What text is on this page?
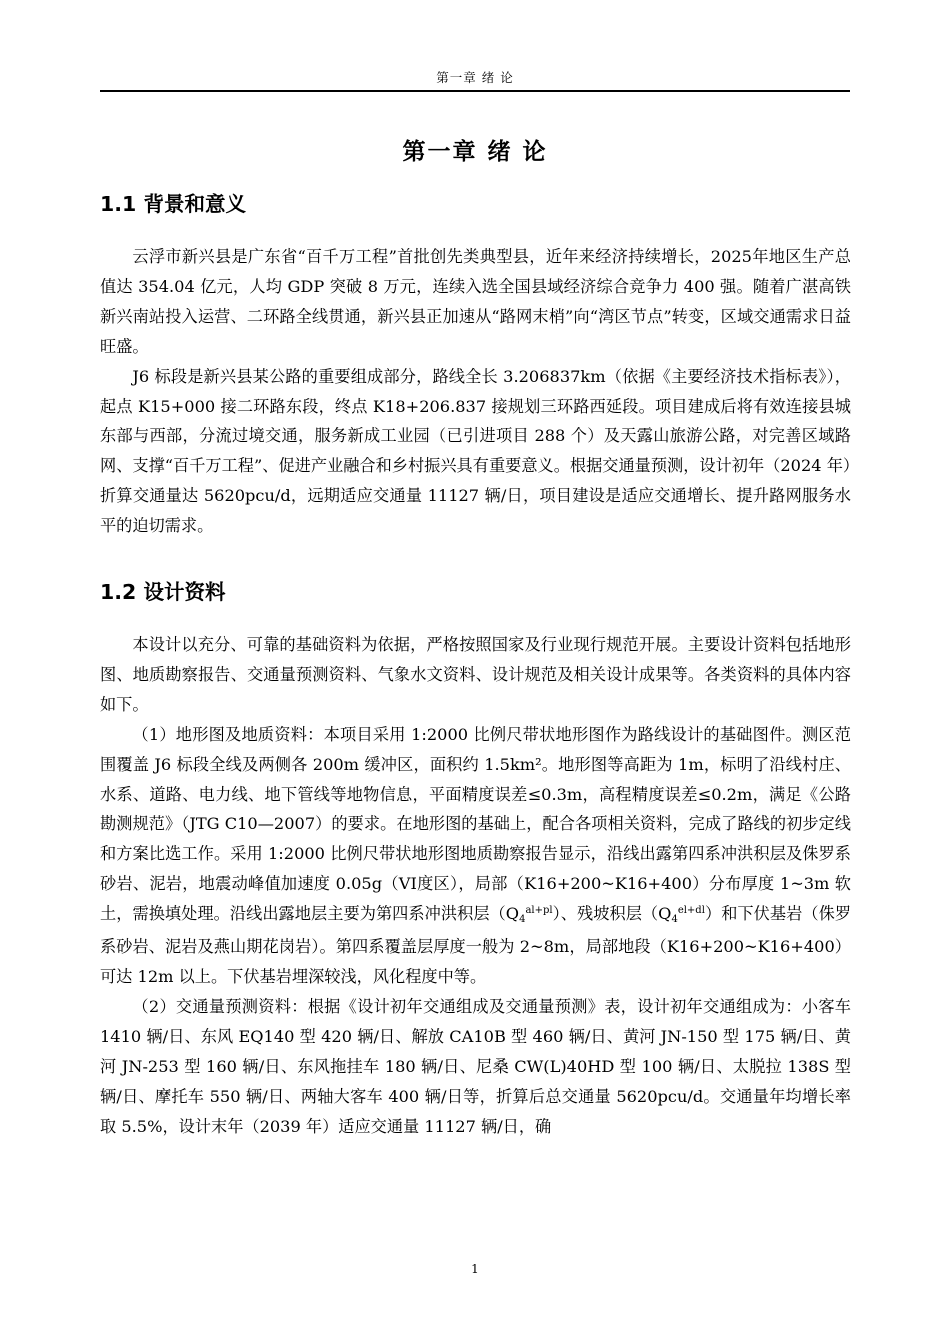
第一章 绪 论
第一章 绪 论
1.1 背景和意义

云浮市新兴县是广东省“百千万工程”首批创先类典型县，近年来经济持续增长，2025年地区生产总值达 354.04 亿元，人均 GDP 突破 8 万元，连续入选全国县域经济综合竞争力 400 强。随着广湛高铁新兴南站投入运营、二环路全线贯通，新兴县正加速从“路网末梢”向“湾区节点”转变，区域交通需求日益旺盛。

J6 标段是新兴县某公路的重要组成部分，路线全长 3.206837km（依据《主要经济技术指标表》），起点 K15+000 接二环路东段，终点 K18+206.837 接规划三环路西延段。项目建成后将有效连接县城东部与西部，分流过境交通，服务新成工业园（已引进项目 288 个）及天露山旅游公路，对完善区域路网、支撑“百千万工程”、促进产业融合和乡村振兴具有重要意义。根据交通量预测，设计初年（2024 年）折算交通量达 5620pcu/d，远期适应交通量 11127 辆/日，项目建设是适应交通增长、提升路网服务水平的迫切需求。

1.2 设计资料

本设计以充分、可靠的基础资料为依据，严格按照国家及行业现行规范开展。主要设计资料包括地形图、地质勘察报告、交通量预测资料、气象水文资料、设计规范及相关设计成果等。各类资料的具体内容如下。

（1）地形图及地质资料：本项目采用 1:2000 比例尺带状地形图作为路线设计的基础图件。测区范围覆盖 J6 标段全线及两侧各 200m 缓冲区，面积约 1.5km²。地形图等高距为 1m，标明了沿线村庄、水系、道路、电力线、地下管线等地物信息，平面精度误差≤0.3m，高程精度误差≤0.2m，满足《公路勘测规范》（JTG C10—2007）的要求。在地形图的基础上，配合各项相关资料，完成了路线的初步定线和方案比选工作。采用 1:2000 比例尺带状地形图地质勘察报告显示，沿线出露第四系冲洪积层及侏罗系砂岩、泥岩，地震动峰值加速度 0.05g（VI度区），局部（K16+200~K16+400）分布厚度 1~3m 软土，需换填处理。沿线出露地层主要为第四系冲洪积层$(Q4^{al+pl})$、残坡积层$(Q4^{el+dl})$和下伏基岩（侏罗系砂岩、泥岩及燕山期花岗岩）。第四系覆盖层厚度一般为 2~8m，局部地段（K16+200~K16+400）可达 12m 以上。下伏基岩埋深较浅，风化程度中等。

（2）交通量预测资料：根据《设计初年交通组成及交通量预测》表，设计初年交通组成为：小客车 1410 辆/日、东风 EQ140 型 420 辆/日、解放 CA10B 型 460 辆/日、黄河 JN-150 型 175 辆/日、黄河 JN-253 型 160 辆/日、东风拖挂车 180 辆/日、尼桑 CW(L)40HD 型 100 辆/日、太脱拉 138S 型辆/日、摩托车 550 辆/日、两轴大客车 400 辆/日等，折算后总交通量 5620pcu/d。交通量年均增长率取 5.5%，设计末年（2039 年）适应交通量 11127 辆/日，确

1
